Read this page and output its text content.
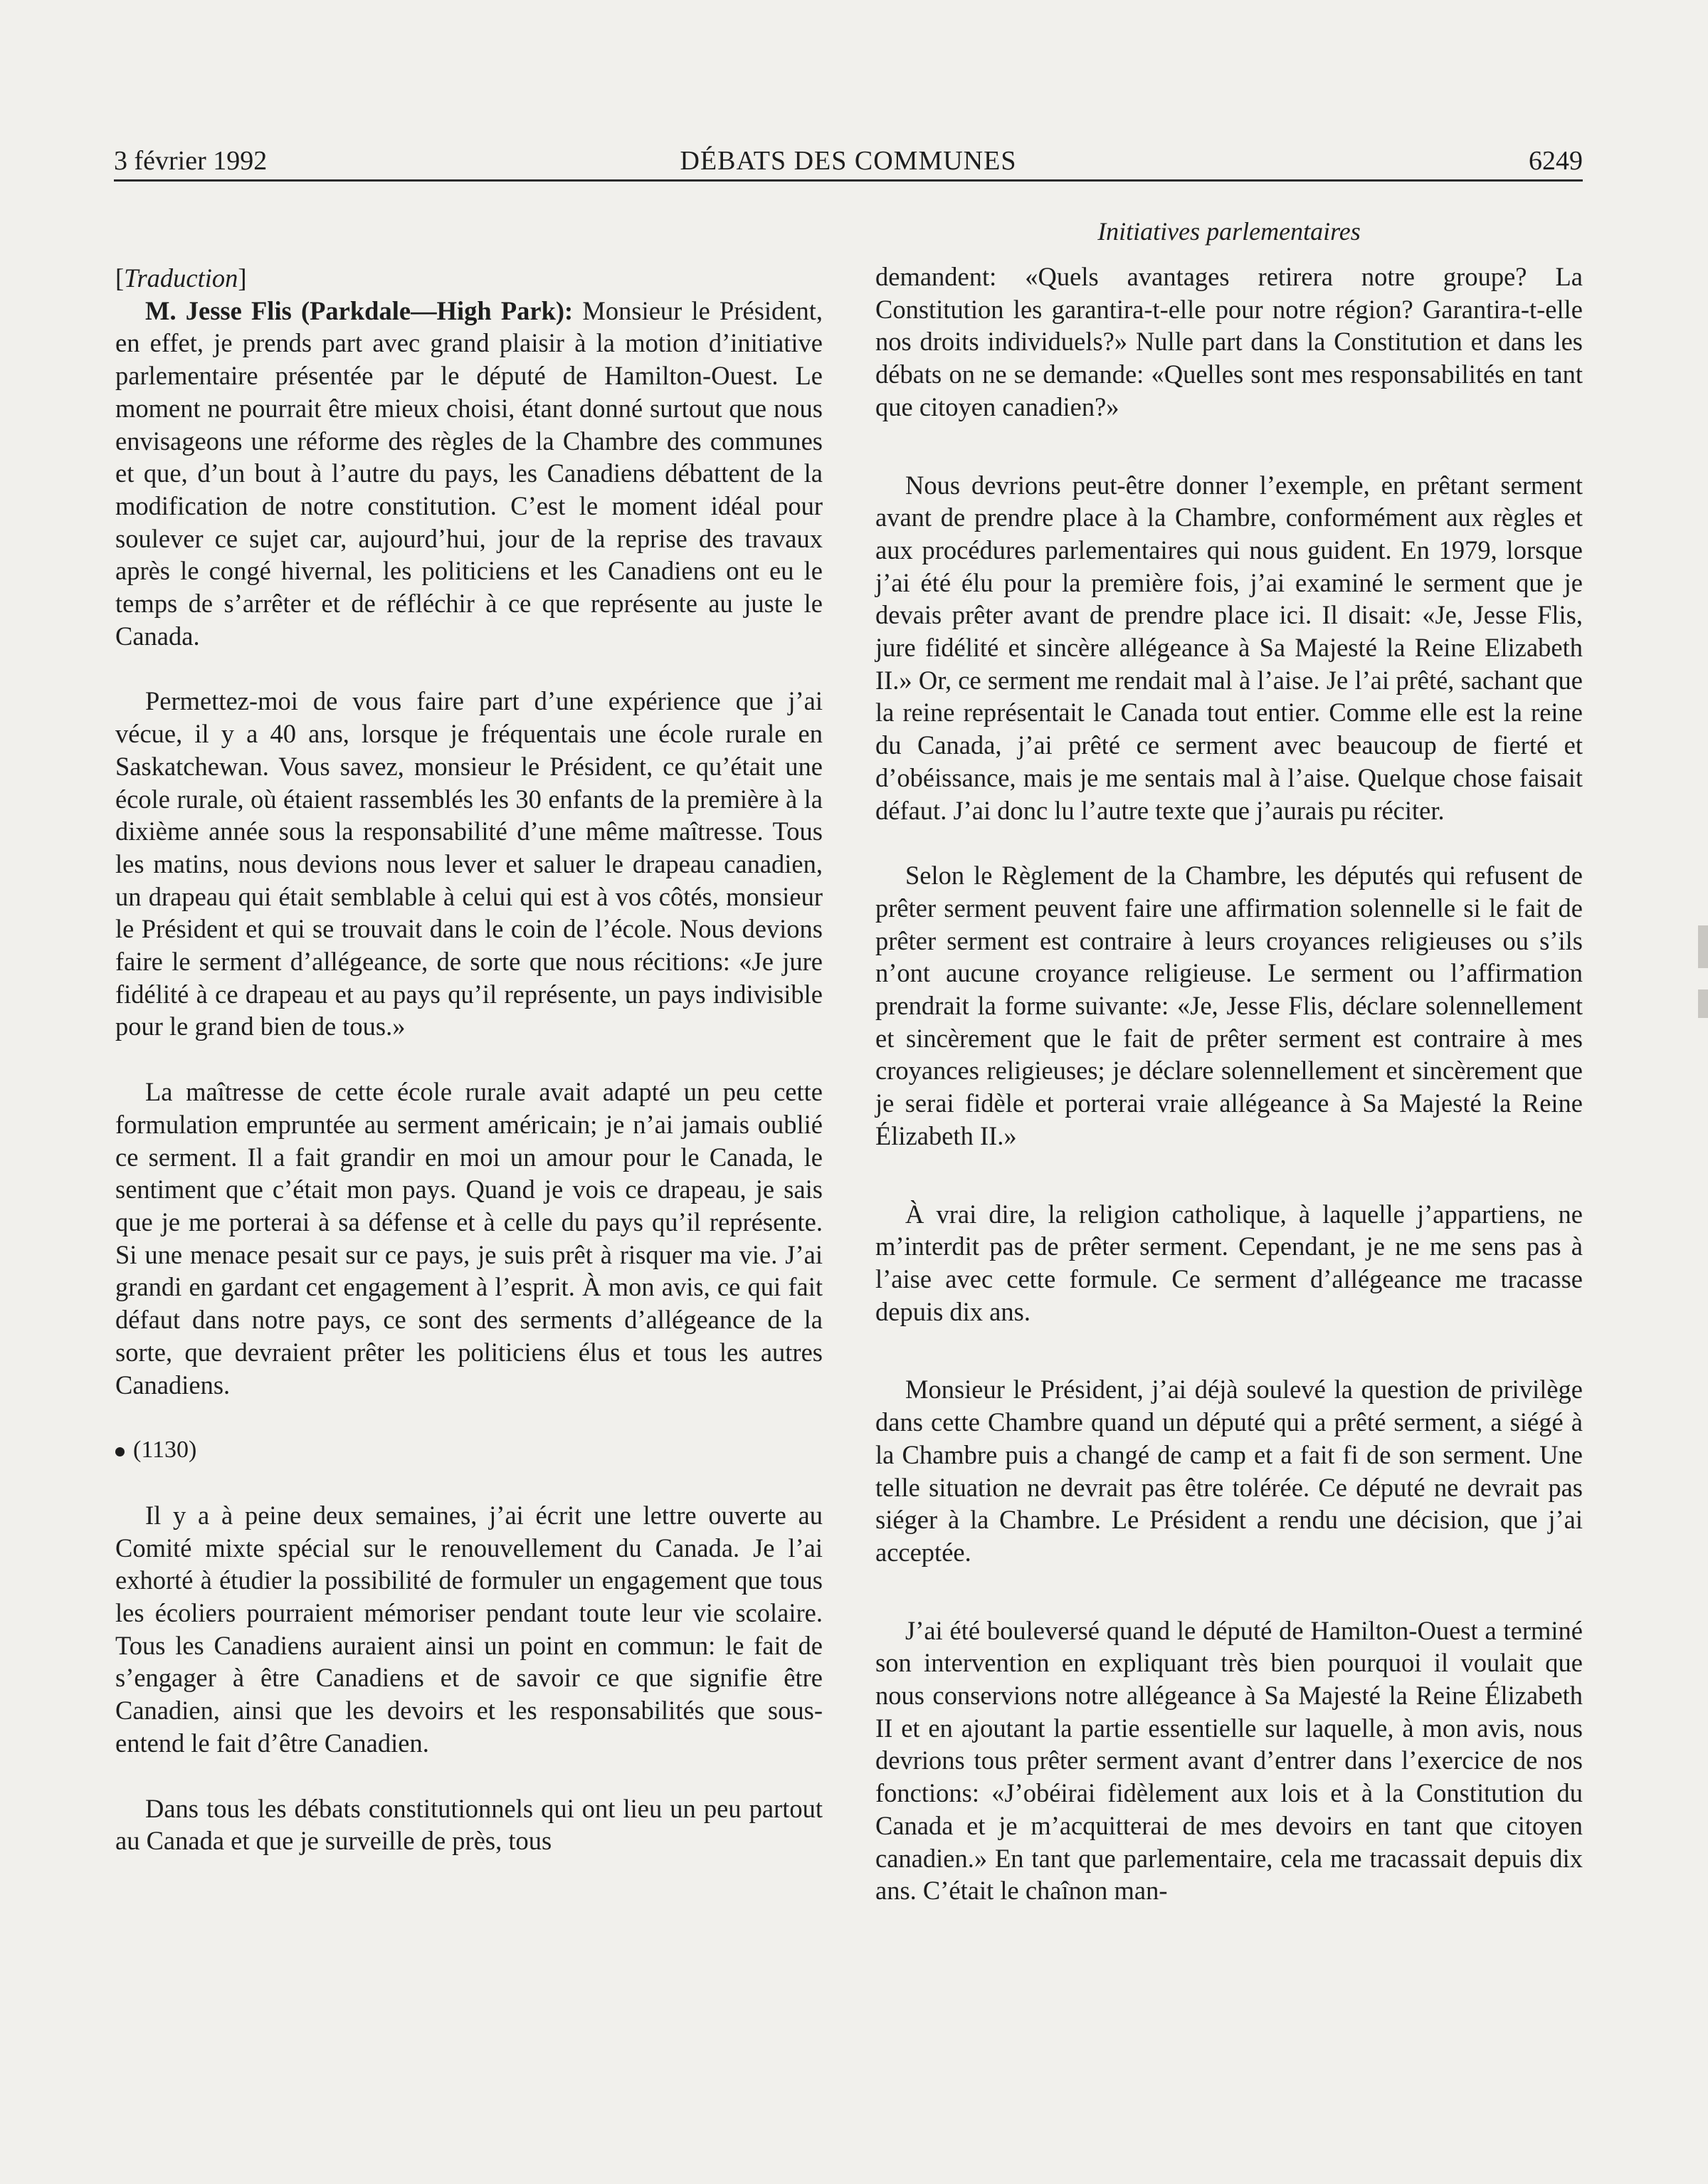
3 février 1992	DÉBATS DES COMMUNES	6249
Initiatives parlementaires

[Traduction]

M. Jesse Flis (Parkdale—High Park): Monsieur le Président, en effet, je prends part avec grand plaisir à la motion d’initiative parlementaire présentée par le député de Hamilton-Ouest. Le moment ne pourrait être mieux choisi, étant donné surtout que nous envisageons une réforme des règles de la Chambre des communes et que, d’un bout à l’autre du pays, les Canadiens débattent de la modification de notre constitution. C’est le moment idéal pour soulever ce sujet car, aujourd’hui, jour de la reprise des travaux après le congé hivernal, les politiciens et les Canadiens ont eu le temps de s’arrêter et de réfléchir à ce que représente au juste le Canada.

Permettez-moi de vous faire part d’une expérience que j’ai vécue, il y a 40 ans, lorsque je fréquentais une école rurale en Saskatchewan. Vous savez, monsieur le Président, ce qu’était une école rurale, où étaient rassemblés les 30 enfants de la première à la dixième année sous la responsabilité d’une même maîtresse. Tous les matins, nous devions nous lever et saluer le drapeau canadien, un drapeau qui était semblable à celui qui est à vos côtés, monsieur le Président et qui se trouvait dans le coin de l’école. Nous devions faire le serment d’allégeance, de sorte que nous récitions: «Je jure fidélité à ce drapeau et au pays qu’il représente, un pays indivisible pour le grand bien de tous.»

La maîtresse de cette école rurale avait adapté un peu cette formulation empruntée au serment américain; je n’ai jamais oublié ce serment. Il a fait grandir en moi un amour pour le Canada, le sentiment que c’était mon pays. Quand je vois ce drapeau, je sais que je me porterai à sa défense et à celle du pays qu’il représente. Si une menace pesait sur ce pays, je suis prêt à risquer ma vie. J’ai grandi en gardant cet engagement à l’esprit. À mon avis, ce qui fait défaut dans notre pays, ce sont des serments d’allégeance de la sorte, que devraient prêter les politiciens élus et tous les autres Canadiens.

(1130)

Il y a à peine deux semaines, j’ai écrit une lettre ouverte au Comité mixte spécial sur le renouvellement du Canada. Je l’ai exhorté à étudier la possibilité de formuler un engagement que tous les écoliers pourraient mémoriser pendant toute leur vie scolaire. Tous les Canadiens auraient ainsi un point en commun: le fait de s’engager à être Canadiens et de savoir ce que signifie être Canadien, ainsi que les devoirs et les responsabilités que sous-entend le fait d’être Canadien.

Dans tous les débats constitutionnels qui ont lieu un peu partout au Canada et que je surveille de près, tous

demandent: «Quels avantages retirera notre groupe? La Constitution les garantira-t-elle pour notre région? Garantira-t-elle nos droits individuels?» Nulle part dans la Constitution et dans les débats on ne se demande: «Quelles sont mes responsabilités en tant que citoyen canadien?»

Nous devrions peut-être donner l’exemple, en prêtant serment avant de prendre place à la Chambre, conformément aux règles et aux procédures parlementaires qui nous guident. En 1979, lorsque j’ai été élu pour la première fois, j’ai examiné le serment que je devais prêter avant de prendre place ici. Il disait: «Je, Jesse Flis, jure fidélité et sincère allégeance à Sa Majesté la Reine Elizabeth II.» Or, ce serment me rendait mal à l’aise. Je l’ai prêté, sachant que la reine représentait le Canada tout entier. Comme elle est la reine du Canada, j’ai prêté ce serment avec beaucoup de fierté et d’obéissance, mais je me sentais mal à l’aise. Quelque chose faisait défaut. J’ai donc lu l’autre texte que j’aurais pu réciter.

Selon le Règlement de la Chambre, les députés qui refusent de prêter serment peuvent faire une affirmation solennelle si le fait de prêter serment est contraire à leurs croyances religieuses ou s’ils n’ont aucune croyance religieuse. Le serment ou l’affirmation prendrait la forme suivante: «Je, Jesse Flis, déclare solennellement et sincèrement que le fait de prêter serment est contraire à mes croyances religieuses; je déclare solennellement et sincèrement que je serai fidèle et porterai vraie allégeance à Sa Majesté la Reine Élizabeth II.»

À vrai dire, la religion catholique, à laquelle j’appartiens, ne m’interdit pas de prêter serment. Cependant, je ne me sens pas à l’aise avec cette formule. Ce serment d’allégeance me tracasse depuis dix ans.

Monsieur le Président, j’ai déjà soulevé la question de privilège dans cette Chambre quand un député qui a prêté serment, a siégé à la Chambre puis a changé de camp et a fait fi de son serment. Une telle situation ne devrait pas être tolérée. Ce député ne devrait pas siéger à la Chambre. Le Président a rendu une décision, que j’ai acceptée.

J’ai été bouleversé quand le député de Hamilton-Ouest a terminé son intervention en expliquant très bien pourquoi il voulait que nous conservions notre allégeance à Sa Majesté la Reine Élizabeth II et en ajoutant la partie essentielle sur laquelle, à mon avis, nous devrions tous prêter serment avant d’entrer dans l’exercice de nos fonctions: «J’obéirai fidèlement aux lois et à la Constitution du Canada et je m’acquitterai de mes devoirs en tant que citoyen canadien.» En tant que parlementaire, cela me tracassait depuis dix ans. C’était le chaînon man-
